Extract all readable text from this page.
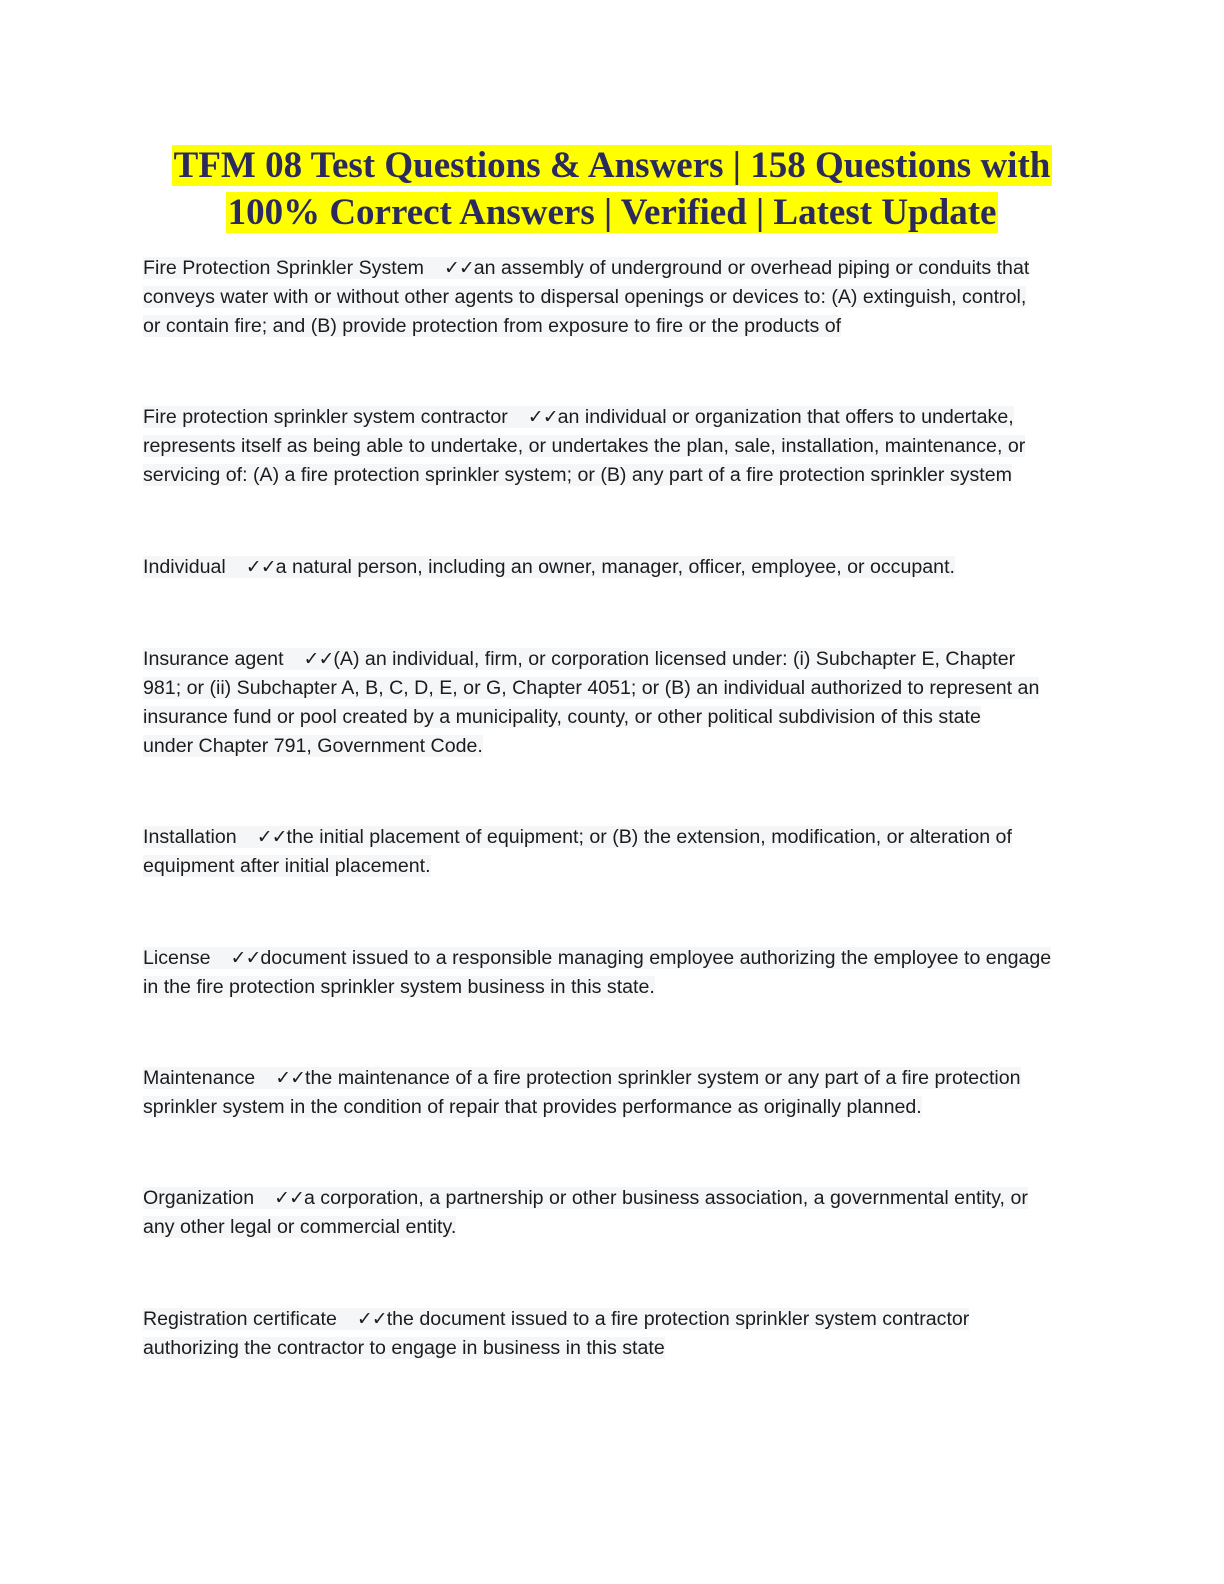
TFM 08 Test Questions & Answers | 158 Questions with
100% Correct Answers | Verified | Latest Update
Fire Protection Sprinkler System ✓✓an assembly of underground or overhead piping or conduits that
conveys water with or without other agents to dispersal openings or devices to: (A) extinguish, control,
or contain fire; and (B) provide protection from exposure to fire or the products of
Fire protection sprinkler system contractor ✓✓an individual or organization that offers to undertake,
represents itself as being able to undertake, or undertakes the plan, sale, installation, maintenance, or
servicing of: (A) a fire protection sprinkler system; or (B) any part of a fire protection sprinkler system
Individual ✓✓a natural person, including an owner, manager, officer, employee, or occupant.
Insurance agent ✓✓(A) an individual, firm, or corporation licensed under: (i) Subchapter E, Chapter
981; or (ii) Subchapter A, B, C, D, E, or G, Chapter 4051; or (B) an individual authorized to represent an
insurance fund or pool created by a municipality, county, or other political subdivision of this state
under Chapter 791, Government Code.
Installation ✓✓the initial placement of equipment; or (B) the extension, modification, or alteration of
equipment after initial placement.
License ✓✓document issued to a responsible managing employee authorizing the employee to engage
in the fire protection sprinkler system business in this state.
Maintenance ✓✓the maintenance of a fire protection sprinkler system or any part of a fire protection
sprinkler system in the condition of repair that provides performance as originally planned.
Organization ✓✓a corporation, a partnership or other business association, a governmental entity, or
any other legal or commercial entity.
Registration certificate ✓✓the document issued to a fire protection sprinkler system contractor
authorizing the contractor to engage in business in this state
